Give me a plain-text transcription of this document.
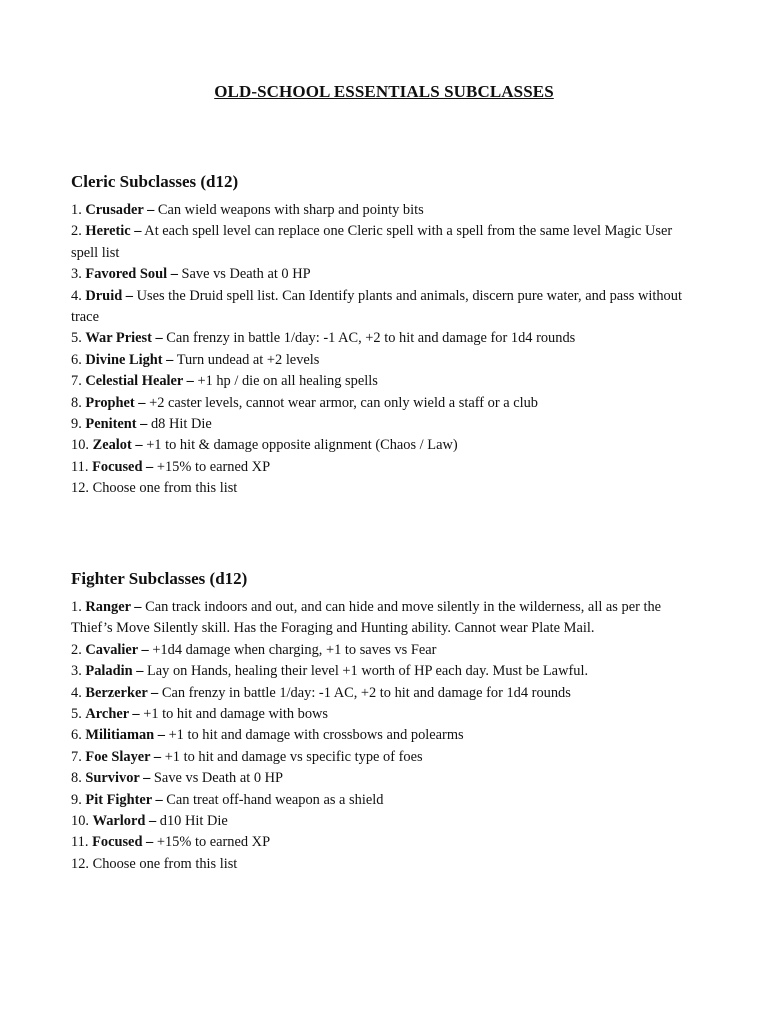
OLD-SCHOOL ESSENTIALS SUBCLASSES
Cleric Subclasses (d12)
1. Crusader – Can wield weapons with sharp and pointy bits
2. Heretic – At each spell level can replace one Cleric spell with a spell from the same level Magic User spell list
3. Favored Soul – Save vs Death at 0 HP
4. Druid – Uses the Druid spell list. Can Identify plants and animals, discern pure water, and pass without trace
5. War Priest – Can frenzy in battle 1/day: -1 AC, +2 to hit and damage for 1d4 rounds
6. Divine Light – Turn undead at +2 levels
7. Celestial Healer – +1 hp / die on all healing spells
8. Prophet – +2 caster levels, cannot wear armor, can only wield a staff or a club
9. Penitent – d8 Hit Die
10. Zealot – +1 to hit & damage opposite alignment (Chaos / Law)
11. Focused – +15% to earned XP
12. Choose one from this list
Fighter Subclasses (d12)
1. Ranger – Can track indoors and out, and can hide and move silently in the wilderness, all as per the Thief’s Move Silently skill. Has the Foraging and Hunting ability. Cannot wear Plate Mail.
2. Cavalier – +1d4 damage when charging, +1 to saves vs Fear
3. Paladin – Lay on Hands, healing their level +1 worth of HP each day. Must be Lawful.
4. Berzerker – Can frenzy in battle 1/day: -1 AC, +2 to hit and damage for 1d4 rounds
5. Archer – +1 to hit and damage with bows
6. Militiaman – +1 to hit and damage with crossbows and polearms
7. Foe Slayer – +1 to hit and damage vs specific type of foes
8. Survivor – Save vs Death at 0 HP
9. Pit Fighter – Can treat off-hand weapon as a shield
10. Warlord – d10 Hit Die
11. Focused – +15% to earned XP
12. Choose one from this list
